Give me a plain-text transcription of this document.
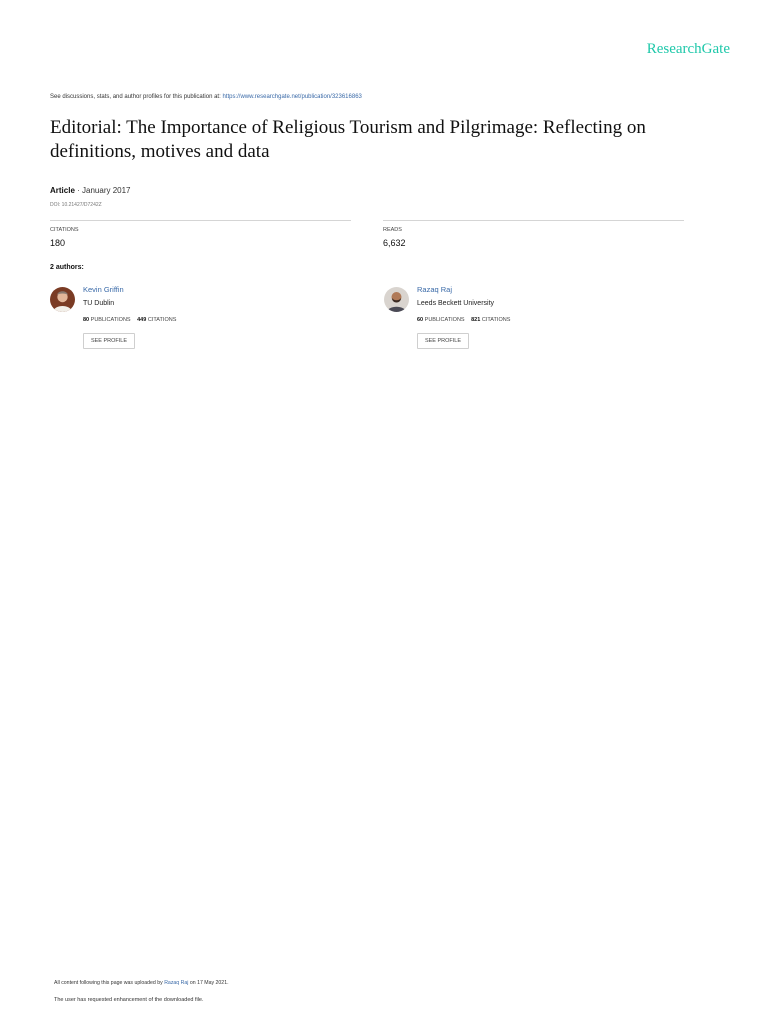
ResearchGate
See discussions, stats, and author profiles for this publication at: https://www.researchgate.net/publication/323616863
Editorial: The Importance of Religious Tourism and Pilgrimage: Reflecting on definitions, motives and data
Article · January 2017
DOI: 10.21427/D7242Z
CITATIONS
180
READS
6,632
2 authors:
Kevin Griffin
TU Dublin
80 PUBLICATIONS 449 CITATIONS
SEE PROFILE
Razaq Raj
Leeds Beckett University
60 PUBLICATIONS 821 CITATIONS
SEE PROFILE
All content following this page was uploaded by Razaq Raj on 17 May 2021.
The user has requested enhancement of the downloaded file.
